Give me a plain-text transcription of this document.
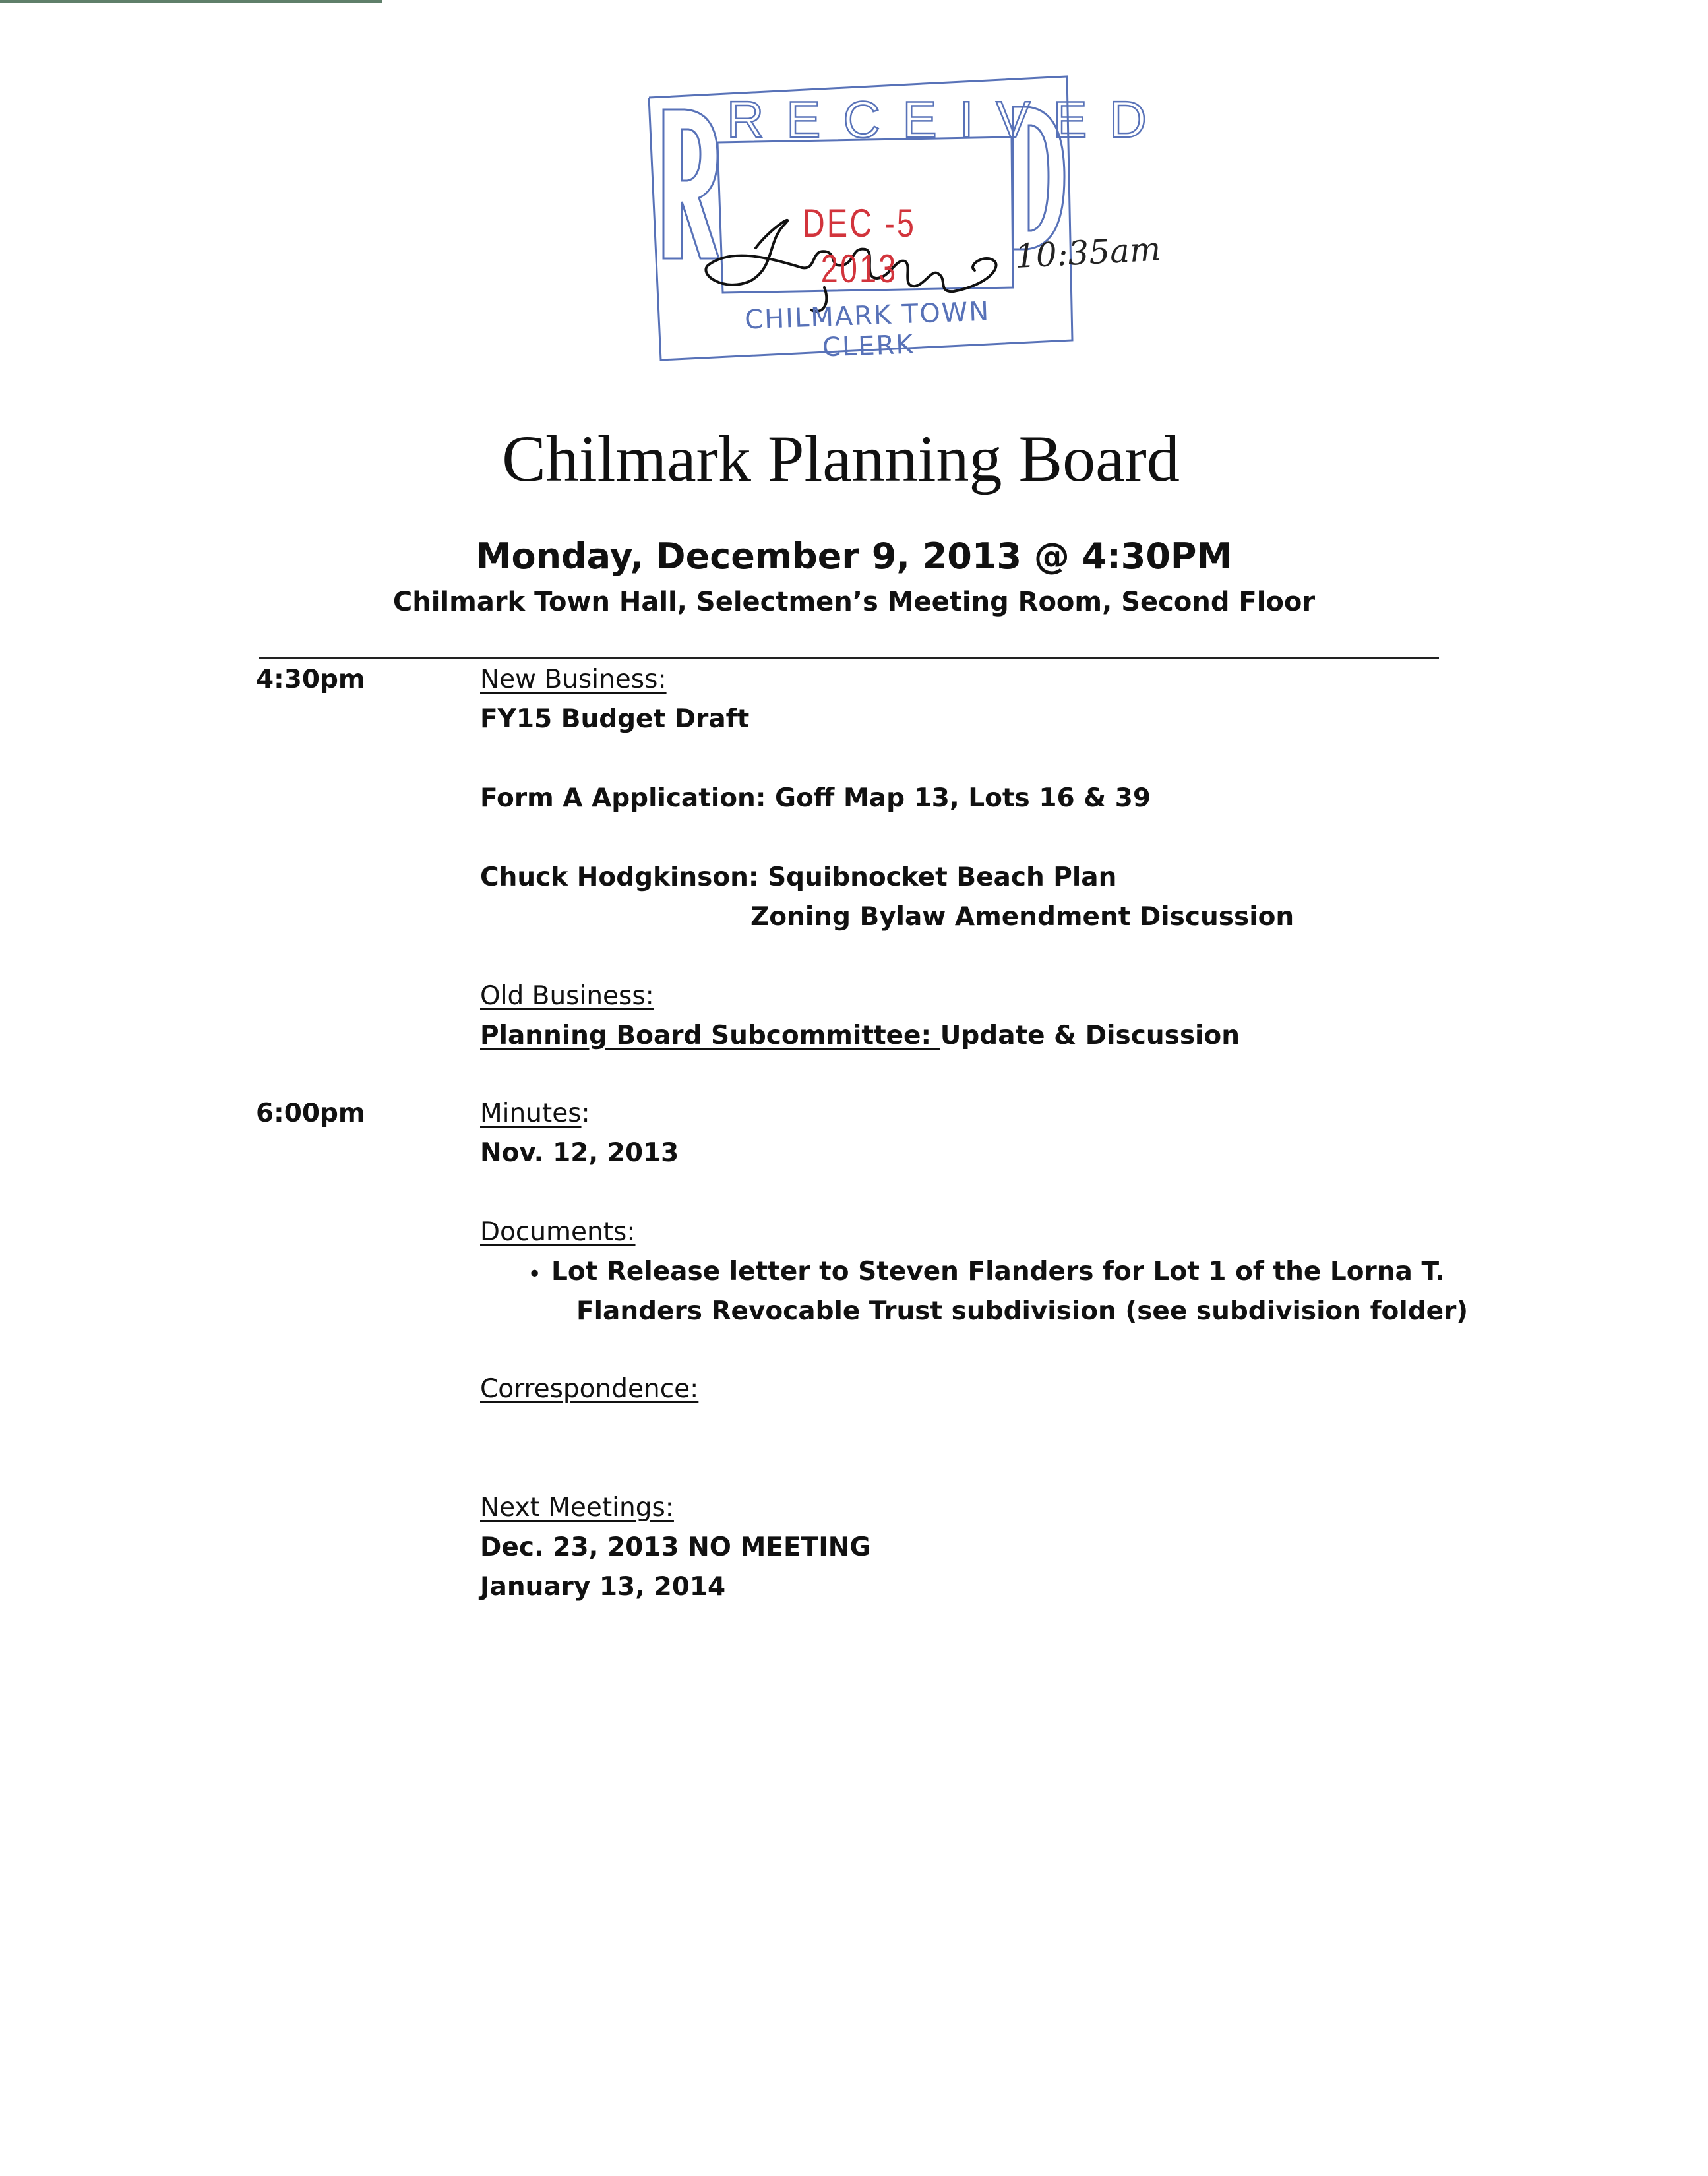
RECEIVED
10:35am
DEC -5 2013
CHILMARK TOWN CLERK
Chilmark Planning Board
Monday, December 9, 2013 @ 4:30PM
Chilmark Town Hall, Selectmen’s Meeting Room, Second Floor
4:30pm	New Business:
FY15 Budget Draft
Form A Application: Goff Map 13, Lots 16 & 39
Chuck Hodgkinson: Squibnocket Beach Plan
Zoning Bylaw Amendment Discussion
Old Business:
Planning Board Subcommittee: Update & Discussion
6:00pm	Minutes:
Nov. 12, 2013
Documents:
• Lot Release letter to Steven Flanders for Lot 1 of the Lorna T.
Flanders Revocable Trust subdivision (see subdivision folder)
Correspondence:
Next Meetings:
Dec. 23, 2013 NO MEETING
January 13, 2014
